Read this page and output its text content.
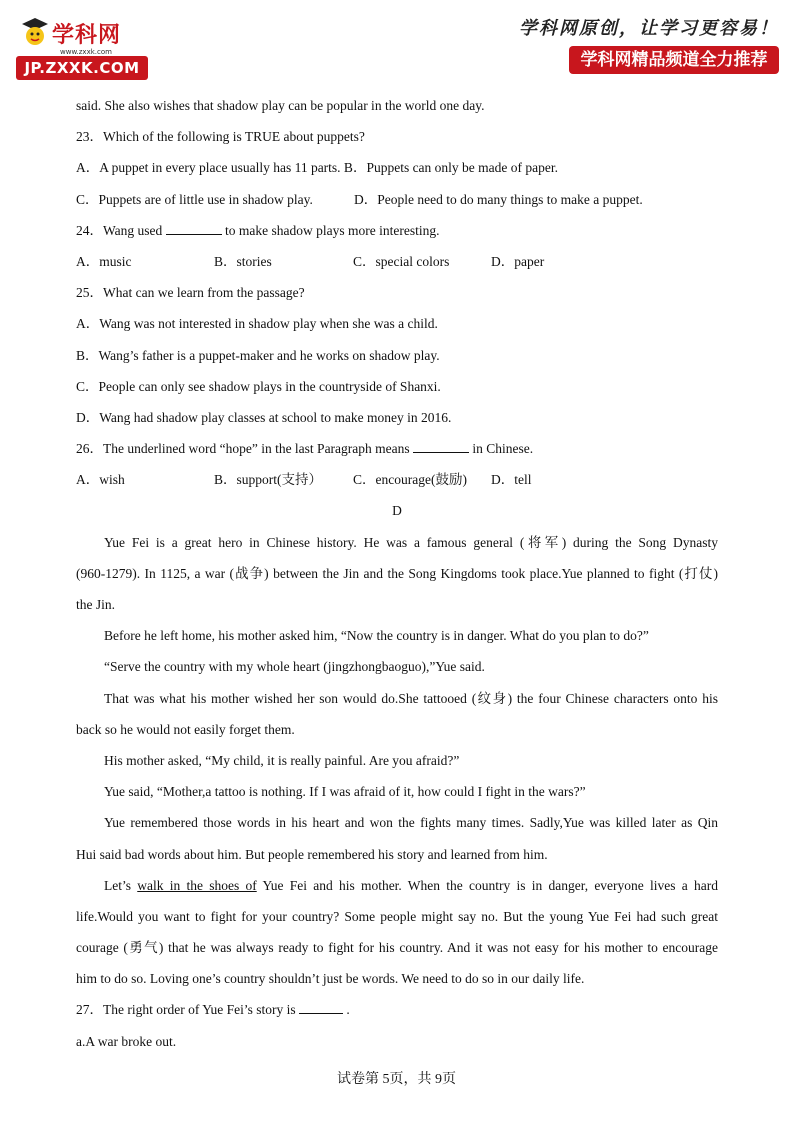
学科网
www.zxxk.com
JP.ZXXK.COM
学科网原创，让学习更容易！
学科网精品频道全力推荐
said. She also wishes that shadow play can be popular in the world one day.
23．Which of the following is TRUE about puppets?
A．A puppet in every place usually has 11 parts. B．Puppets can only be made of paper.
C．Puppets are of little use in shadow play.	D．People need to do many things to make a puppet.
24．Wang used	to make shadow plays more interesting.
A．music	B．stories	C．special colors	D．paper
25．What can we learn from the passage?
A．Wang was not interested in shadow play when she was a child.
B．Wang’s father is a puppet-maker and he works on shadow play.
C．People can only see shadow plays in the countryside of Shanxi.
D．Wang had shadow play classes at school to make money in 2016.
26．The underlined word “hope” in the last Paragraph means	in Chinese.
A．wish	B．support(支持） C．encourage(鼓励) D．tell
D
Yue Fei is a great hero in Chinese history. He was a famous general (将军) during the Song Dynasty
(960-1279). In 1125, a war (战争) between the Jin and the Song Kingdoms took place.Yue planned to fight (打仗)
the Jin.
Before he left home, his mother asked him, “Now the country is in danger. What do you plan to do?”
“Serve the country with my whole heart (jingzhongbaoguo),”Yue said.
That was what his mother wished her son would do.She tattooed (纹身) the four Chinese characters onto his
back so he would not easily forget them.
His mother asked, “My child, it is really painful. Are you afraid?”
Yue said, “Mother,a tattoo is nothing. If I was afraid of it, how could I fight in the wars?”
Yue remembered those words in his heart and won the fights many times. Sadly,Yue was killed later as Qin
Hui said bad words about him. But people remembered his story and learned from him.
Let’s walk in the shoes of Yue Fei and his mother. When the country is in danger, everyone lives a hard
life.Would you want to fight for your country? Some people might say no. But the young Yue Fei had such great
courage (勇气) that he was always ready to fight for his country. And it was not easy for his mother to encourage
him to do so. Loving one’s country shouldn’t just be words. We need to do so in our daily life.
27．The right order of Yue Fei’s story is	.
a.A war broke out.
试卷第 5页，共 9页
